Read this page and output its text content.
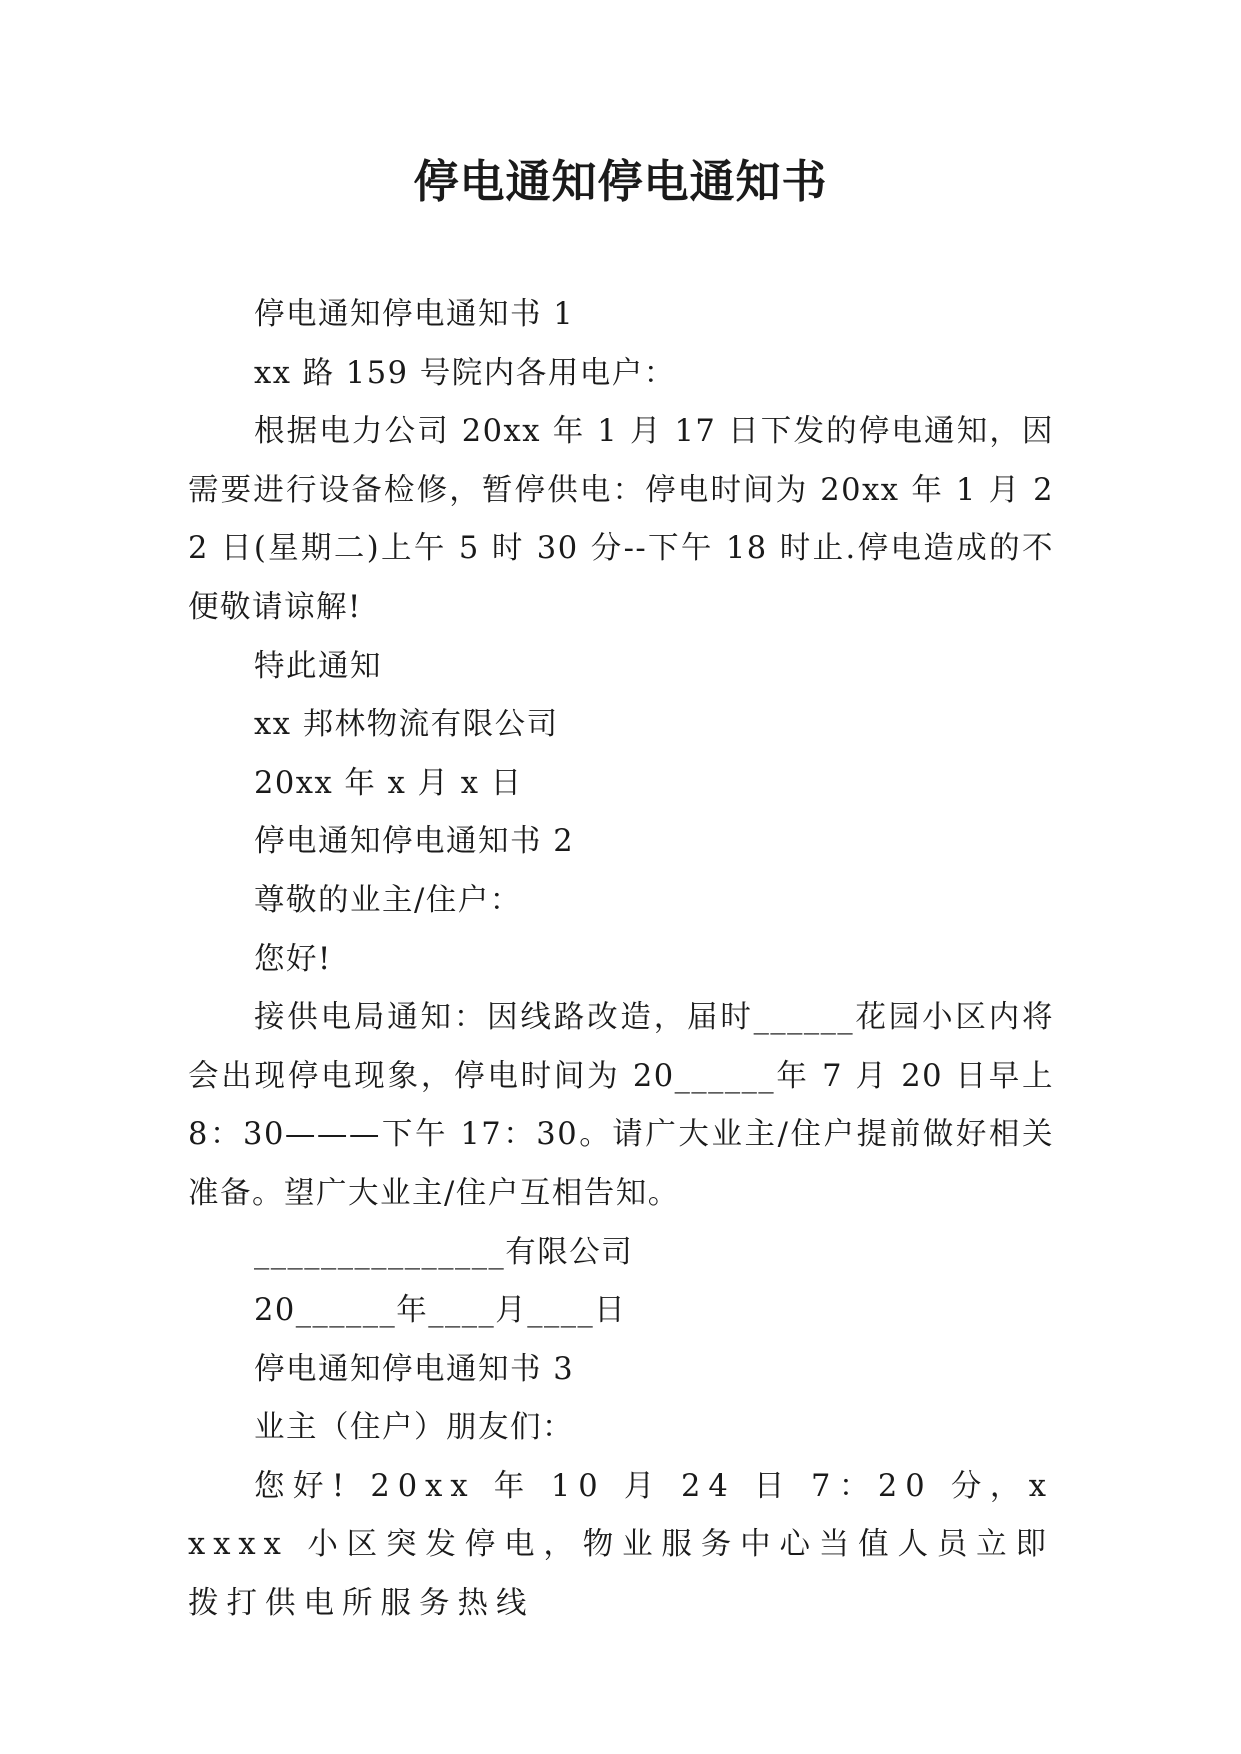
停电通知停电通知书

停电通知停电通知书 1

xx 路 159 号院内各用电户：

根据电力公司 20xx 年 1 月 17 日下发的停电通知，因需要进行设备检修，暂停供电：停电时间为 20xx 年 1 月 22 日(星期二)上午 5 时 30 分--下午 18 时止.停电造成的不便敬请谅解!

特此通知

xx 邦林物流有限公司

20xx 年 x 月 x 日

停电通知停电通知书 2

尊敬的业主/住户：

您好!

接供电局通知：因线路改造，届时______花园小区内将会出现停电现象，停电时间为 20______年 7 月 20 日早上 8：30———下午 17：30。请广大业主/住户提前做好相关准备。望广大业主/住户互相告知。

_______________有限公司

20______年____月____日

停电通知停电通知书 3

业主（住户）朋友们：

您好! 20xx 年 10 月 24 日 7：20 分，xxxxx 小区突发停电，物业服务中心当值人员立即拨打供电所服务热线
